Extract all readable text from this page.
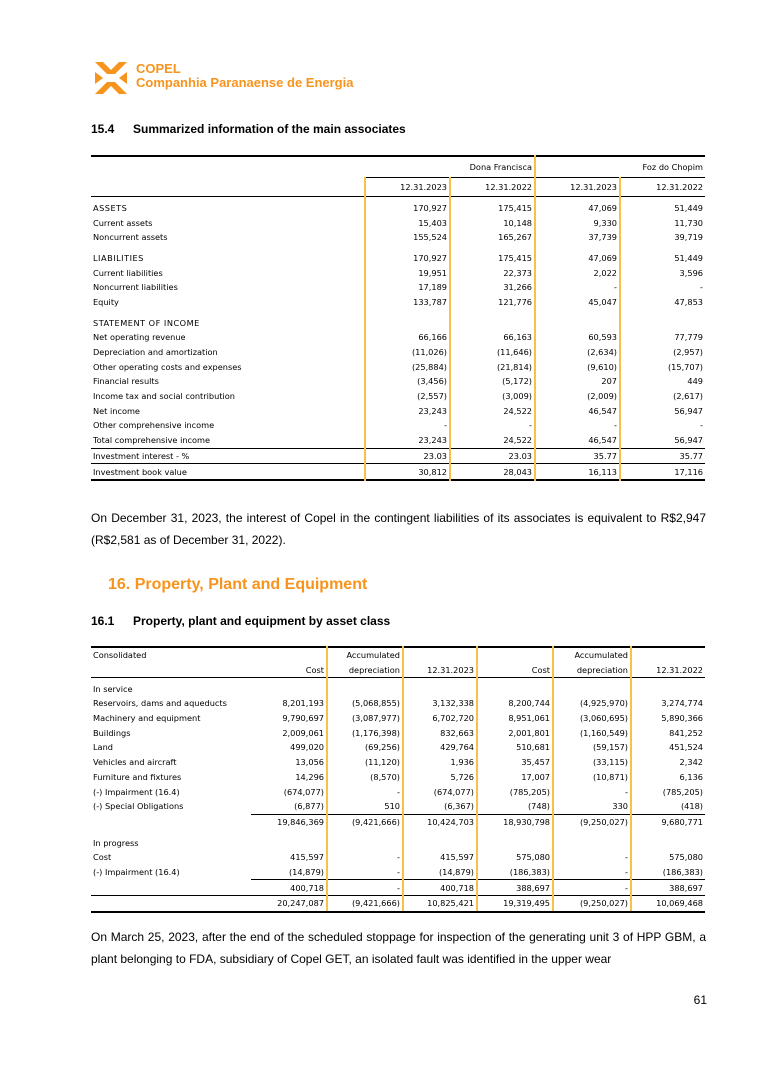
COPEL
Companhia Paranaense de Energia
15.4 Summarized information of the main associates
	Dona Francisca		Foz do Chopim	
	12.31.2023	12.31.2022	12.31.2023	12.31.2022
ASSETS	170,927	175,415	47,069	51,449
Current assets	15,403	10,148	9,330	11,730
Noncurrent assets	155,524	165,267	37,739	39,719

LIABILITIES	170,927	175,415	47,069	51,449
Current liabilities	19,951	22,373	2,022	3,596
Noncurrent liabilities	17,189	31,266	-	-
Equity	133,787	121,776	45,047	47,853

STATEMENT OF INCOME				
Net operating revenue	66,166	66,163	60,593	77,779
Depreciation and amortization	(11,026)	(11,646)	(2,634)	(2,957)
Other operating costs and expenses	(25,884)	(21,814)	(9,610)	(15,707)
Financial results	(3,456)	(5,172)	207	449
Income tax and social contribution	(2,557)	(3,009)	(2,009)	(2,617)
Net income	23,243	24,522	46,547	56,947
Other comprehensive income	-	-	-	-
Total comprehensive income	23,243	24,522	46,547	56,947
Investment interest - %	23.03	23.03	35.77	35.77
Investment book value	30,812	28,043	16,113	17,116
On December 31, 2023, the interest of Copel in the contingent liabilities of its associates is equivalent to R$2,947 (R$2,581 as of December 31, 2022).
16. Property, Plant and Equipment
16.1 Property, plant and equipment by asset class
Consolidated		Accumulated			Accumulated	
	Cost	depreciation	12.31.2023	Cost	depreciation	12.31.2022
In service						
Reservoirs, dams and aqueducts	8,201,193	(5,068,855)	3,132,338	8,200,744	(4,925,970)	3,274,774
Machinery and equipment	9,790,697	(3,087,977)	6,702,720	8,951,061	(3,060,695)	5,890,366
Buildings	2,009,061	(1,176,398)	832,663	2,001,801	(1,160,549)	841,252
Land	499,020	(69,256)	429,764	510,681	(59,157)	451,524
Vehicles and aircraft	13,056	(11,120)	1,936	35,457	(33,115)	2,342
Furniture and fixtures	14,296	(8,570)	5,726	17,007	(10,871)	6,136
(-) Impairment (16.4)	(674,077)	-	(674,077)	(785,205)	-	(785,205)
(-) Special Obligations	(6,877)	510	(6,367)	(748)	330	(418)
	19,846,369	(9,421,666)	10,424,703	18,930,798	(9,250,027)	9,680,771

In progress						
Cost	415,597	-	415,597	575,080	-	575,080
(-) Impairment (16.4)	(14,879)	-	(14,879)	(186,383)	-	(186,383)
	400,718	-	400,718	388,697	-	388,697
	20,247,087	(9,421,666)	10,825,421	19,319,495	(9,250,027)	10,069,468
On March 25, 2023, after the end of the scheduled stoppage for inspection of the generating unit 3 of HPP GBM, a plant belonging to FDA, subsidiary of Copel GET, an isolated fault was identified in the upper wear
61
